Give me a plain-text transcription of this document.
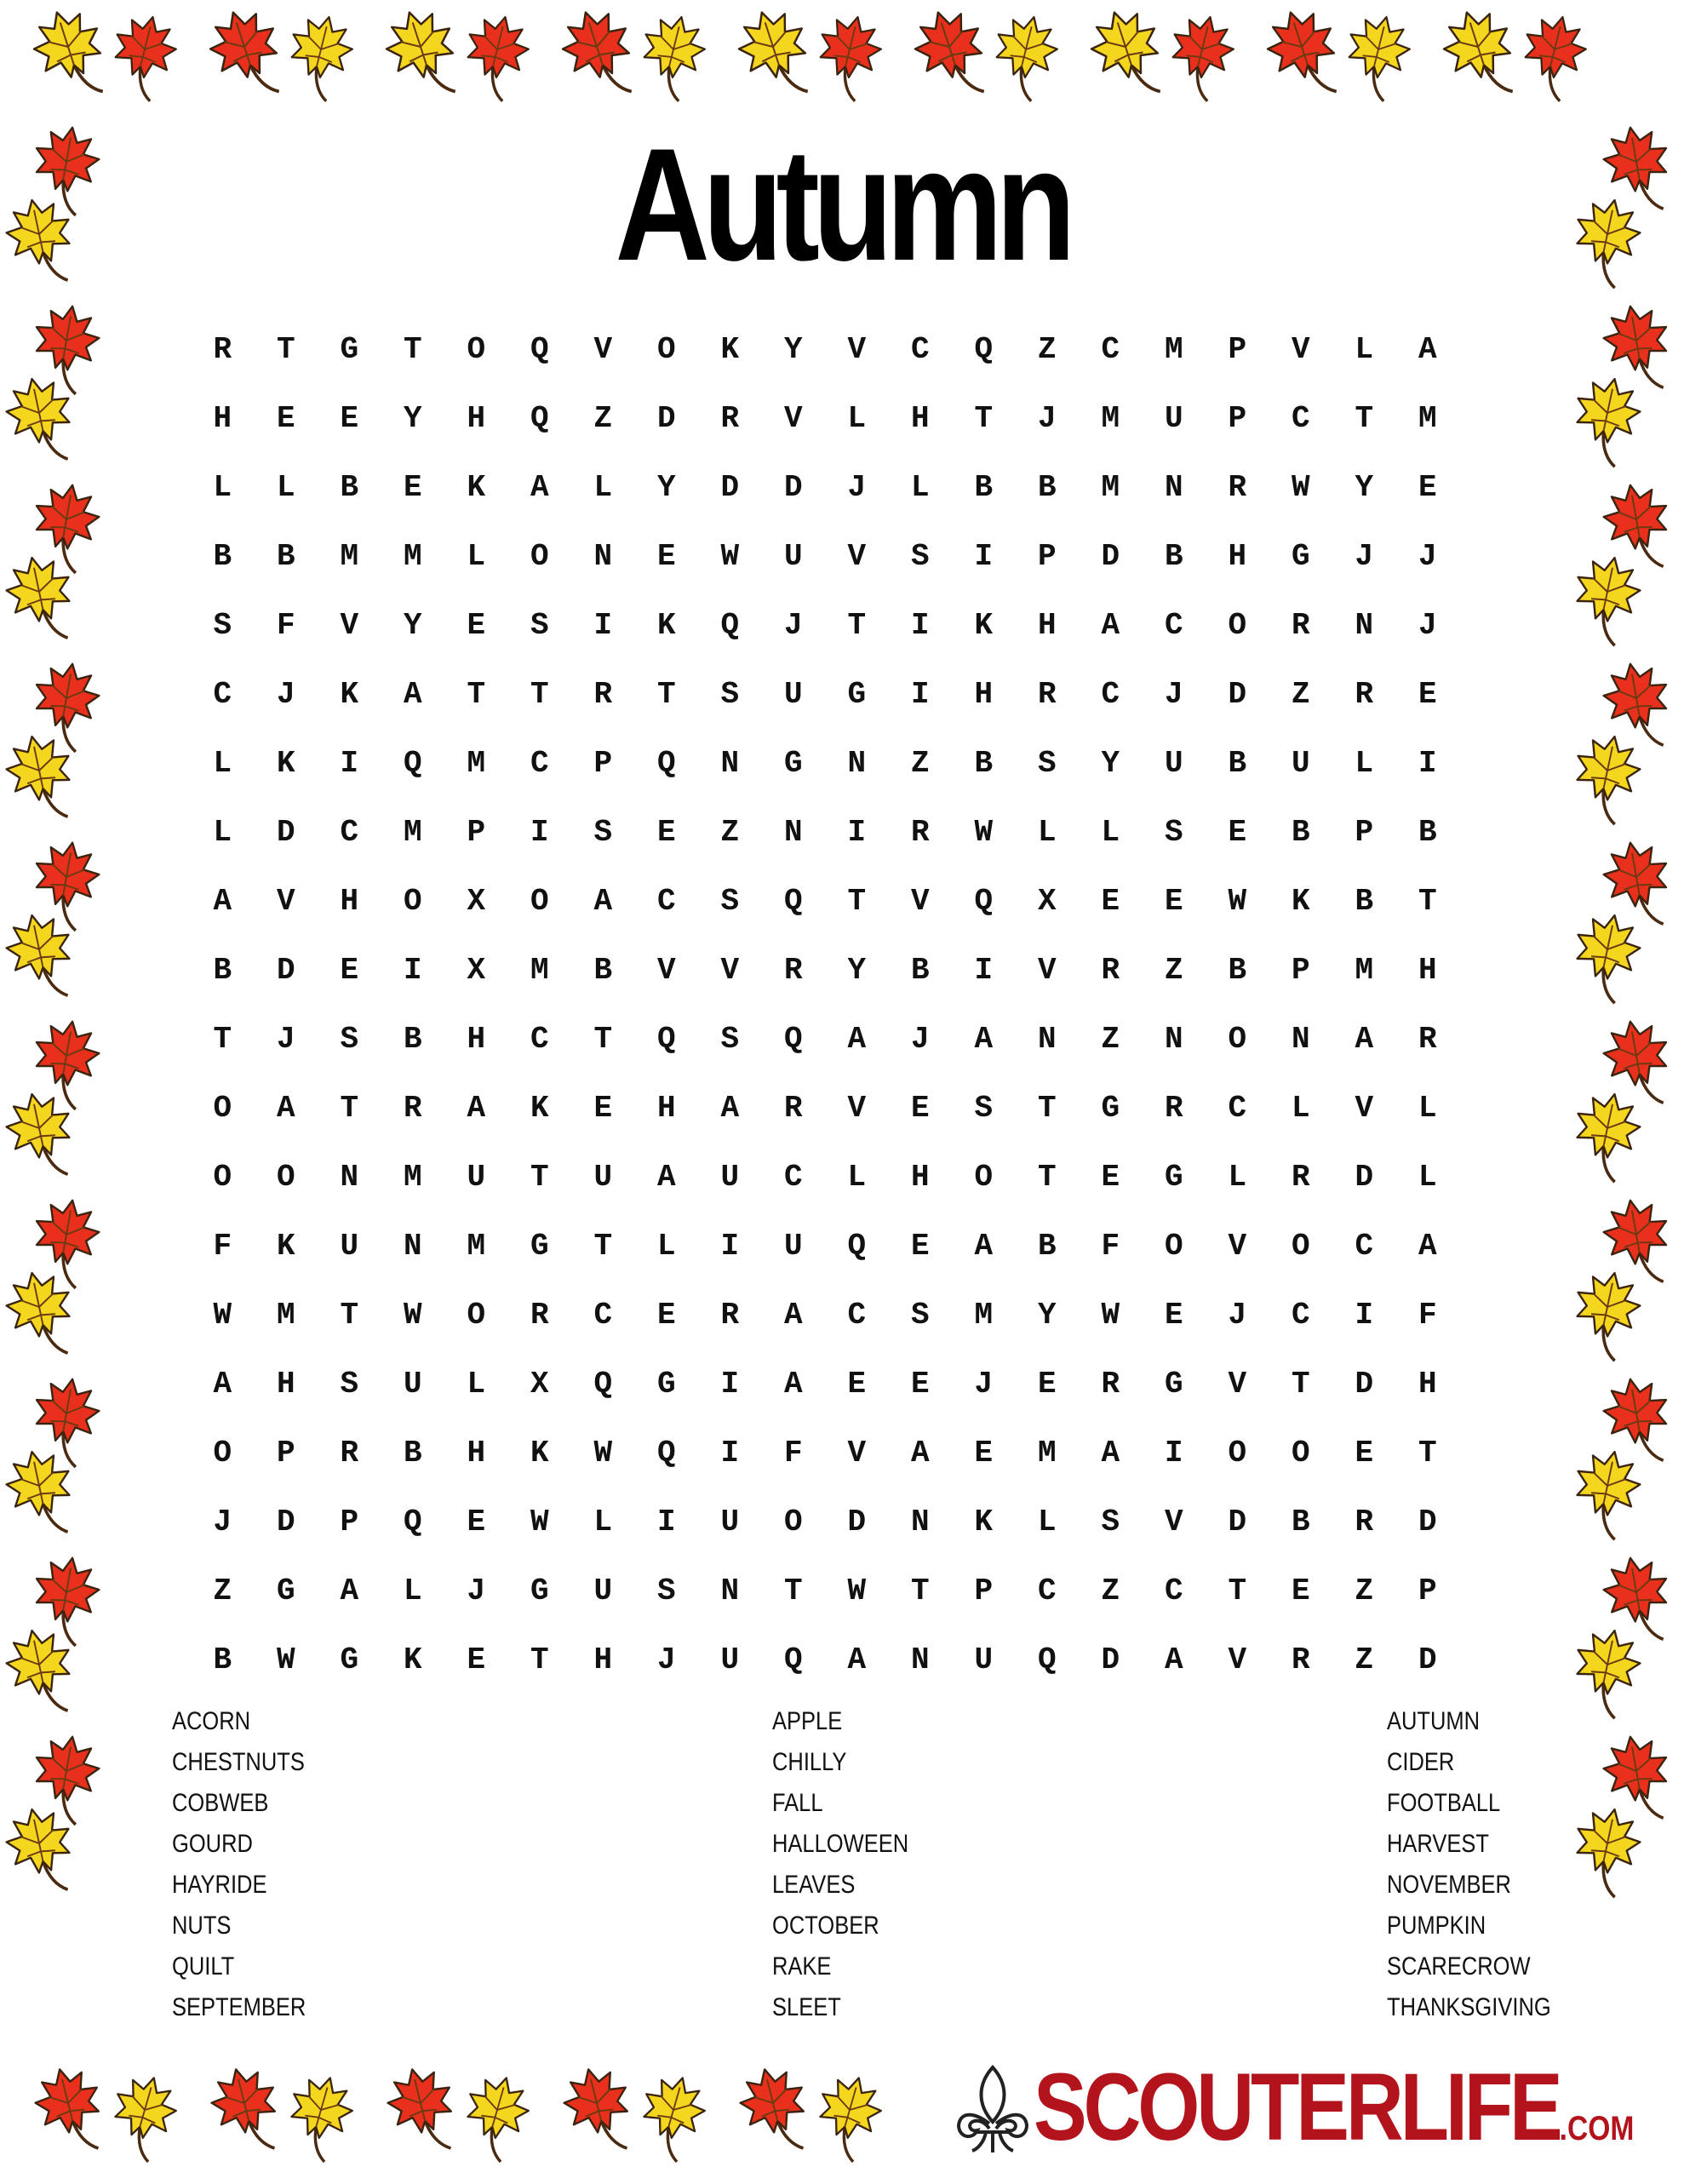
Autumn
R	T	G	T	O	Q	V	O	K	Y	V	C	Q	Z	C	M	P	V	L	A
H	E	E	Y	H	Q	Z	D	R	V	L	H	T	J	M	U	P	C	T	M
L	L	B	E	K	A	L	Y	D	D	J	L	B	B	M	N	R	W	Y	E
B	B	M	M	L	O	N	E	W	U	V	S	I	P	D	B	H	G	J	J
S	F	V	Y	E	S	I	K	Q	J	T	I	K	H	A	C	O	R	N	J
C	J	K	A	T	T	R	T	S	U	G	I	H	R	C	J	D	Z	R	E
L	K	I	Q	M	C	P	Q	N	G	N	Z	B	S	Y	U	B	U	L	I
L	D	C	M	P	I	S	E	Z	N	I	R	W	L	L	S	E	B	P	B
A	V	H	O	X	O	A	C	S	Q	T	V	Q	X	E	E	W	K	B	T
B	D	E	I	X	M	B	V	V	R	Y	B	I	V	R	Z	B	P	M	H
T	J	S	B	H	C	T	Q	S	Q	A	J	A	N	Z	N	O	N	A	R
O	A	T	R	A	K	E	H	A	R	V	E	S	T	G	R	C	L	V	L
O	O	N	M	U	T	U	A	U	C	L	H	O	T	E	G	L	R	D	L
F	K	U	N	M	G	T	L	I	U	Q	E	A	B	F	O	V	O	C	A
W	M	T	W	O	R	C	E	R	A	C	S	M	Y	W	E	J	C	I	F
A	H	S	U	L	X	Q	G	I	A	E	E	J	E	R	G	V	T	D	H
O	P	R	B	H	K	W	Q	I	F	V	A	E	M	A	I	O	O	E	T
J	D	P	Q	E	W	L	I	U	O	D	N	K	L	S	V	D	B	R	D
Z	G	A	L	J	G	U	S	N	T	W	T	P	C	Z	C	T	E	Z	P
B	W	G	K	E	T	H	J	U	Q	A	N	U	Q	D	A	V	R	Z	D
ACORN
CHESTNUTS
COBWEB
GOURD
HAYRIDE
NUTS
QUILT
SEPTEMBER
APPLE
CHILLY
FALL
HALLOWEEN
LEAVES
OCTOBER
RAKE
SLEET
AUTUMN
CIDER
FOOTBALL
HARVEST
NOVEMBER
PUMPKIN
SCARECROW
THANKSGIVING
SCOUTERLIFE.COM
